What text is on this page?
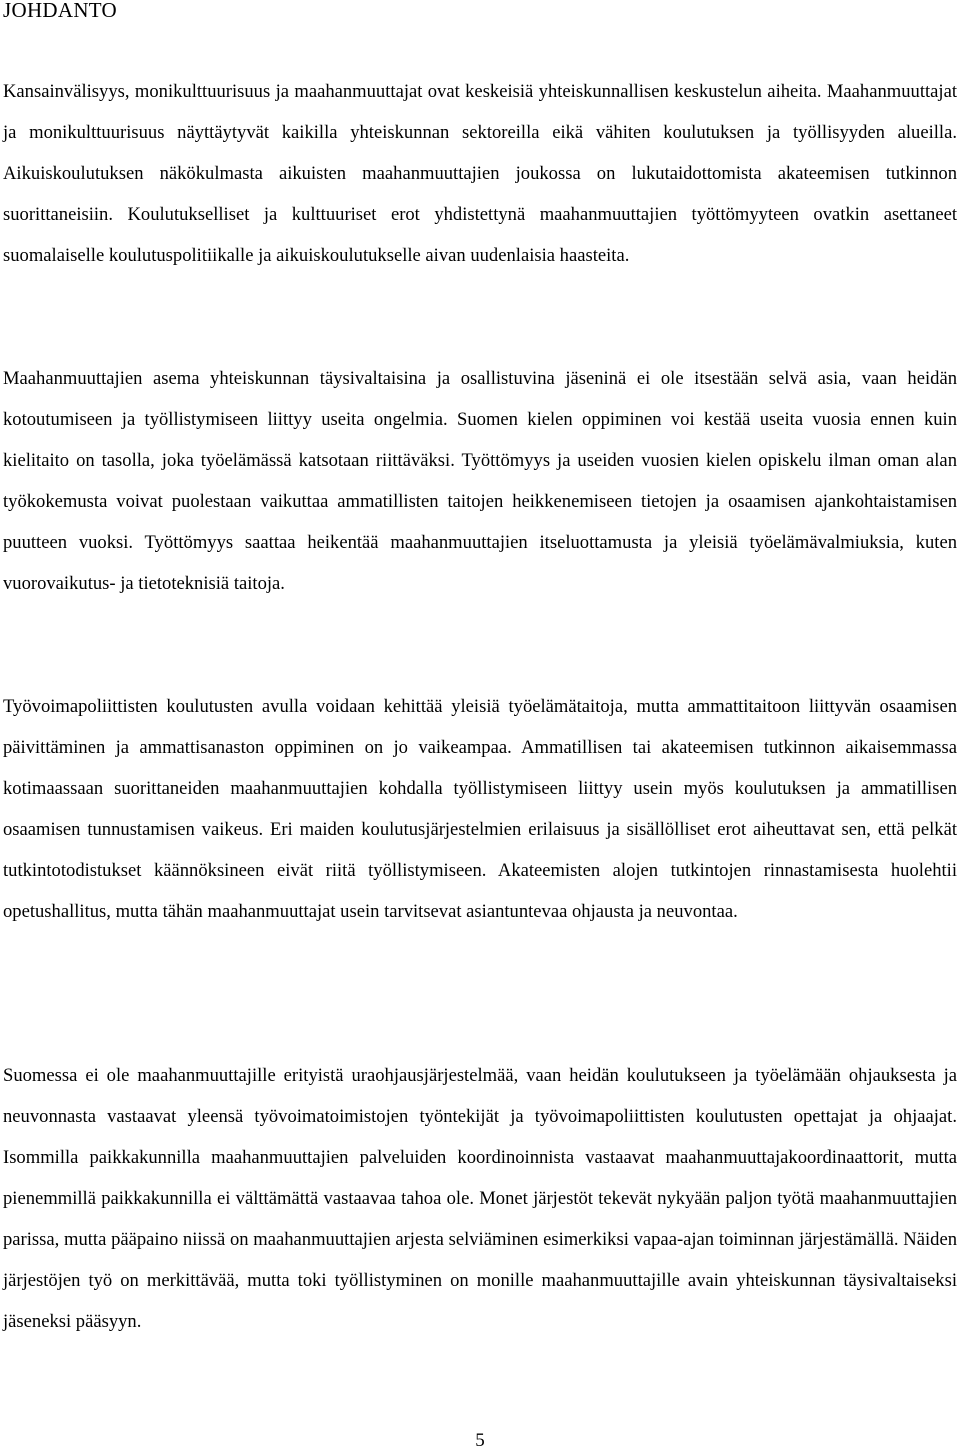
JOHDANTO

Kansainvälisyys, monikulttuurisuus ja maahanmuuttajat ovat keskeisiä yhteiskunnallisen keskustelun aiheita. Maahanmuuttajat ja monikulttuurisuus näyttäytyvät kaikilla yhteiskunnan sektoreilla eikä vähiten koulutuksen ja työllisyyden alueilla. Aikuiskoulutuksen näkökulmasta aikuisten maahanmuuttajien joukossa on lukutaidottomista akateemisen tutkinnon suorittaneisiin. Koulutukselliset ja kulttuuriset erot yhdistettynä maahanmuuttajien työttömyyteen ovatkin asettaneet suomalaiselle koulutuspolitiikalle ja aikuiskoulutukselle aivan uudenlaisia haasteita.

Maahanmuuttajien asema yhteiskunnan täysivaltaisina ja osallistuvina jäseninä ei ole itsestään selvä asia, vaan heidän kotoutumiseen ja työllistymiseen liittyy useita ongelmia. Suomen kielen oppiminen voi kestää useita vuosia ennen kuin kielitaito on tasolla, joka työelämässä katsotaan riittäväksi. Työttömyys ja useiden vuosien kielen opiskelu ilman oman alan työkokemusta voivat puolestaan vaikuttaa ammatillisten taitojen heikkenemiseen tietojen ja osaamisen ajankohtaistamisen puutteen vuoksi. Työttömyys saattaa heikentää maahanmuuttajien itseluottamusta ja yleisiä työelämävalmiuksia, kuten vuorovaikutus- ja tietoteknisiä taitoja.

Työvoimapoliittisten koulutusten avulla voidaan kehittää yleisiä työelämätaitoja, mutta ammattitaitoon liittyvän osaamisen päivittäminen ja ammattisanaston oppiminen on jo vaikeampaa. Ammatillisen tai akateemisen tutkinnon aikaisemmassa kotimaassaan suorittaneiden maahanmuuttajien kohdalla työllistymiseen liittyy usein myös koulutuksen ja ammatillisen osaamisen tunnustamisen vaikeus. Eri maiden koulutusjärjestelmien erilaisuus ja sisällölliset erot aiheuttavat sen, että pelkät tutkintotodistukset käännöksineen eivät riitä työllistymiseen. Akateemisten alojen tutkintojen rinnastamisesta huolehtii opetushallitus, mutta tähän maahanmuuttajat usein tarvitsevat asiantuntevaa ohjausta ja neuvontaa.

Suomessa ei ole maahanmuuttajille erityistä uraohjausjärjestelmää, vaan heidän koulutukseen ja työelämään ohjauksesta ja neuvonnasta vastaavat yleensä työvoimatoimistojen työntekijät ja työvoimapoliittisten koulutusten opettajat ja ohjaajat. Isommilla paikkakunnilla maahanmuuttajien palveluiden koordinoinnista vastaavat maahanmuuttajakoordinaattorit, mutta pienemmillä paikkakunnilla ei välttämättä vastaavaa tahoa ole. Monet järjestöt tekevät nykyään paljon työtä maahanmuuttajien parissa, mutta pääpaino niissä on maahanmuuttajien arjesta selviäminen esimerkiksi vapaa-ajan toiminnan järjestämällä. Näiden järjestöjen työ on merkittävää, mutta toki työllistyminen on monille maahanmuuttajille avain yhteiskunnan täysivaltaiseksi jäseneksi pääsyyn.

5
